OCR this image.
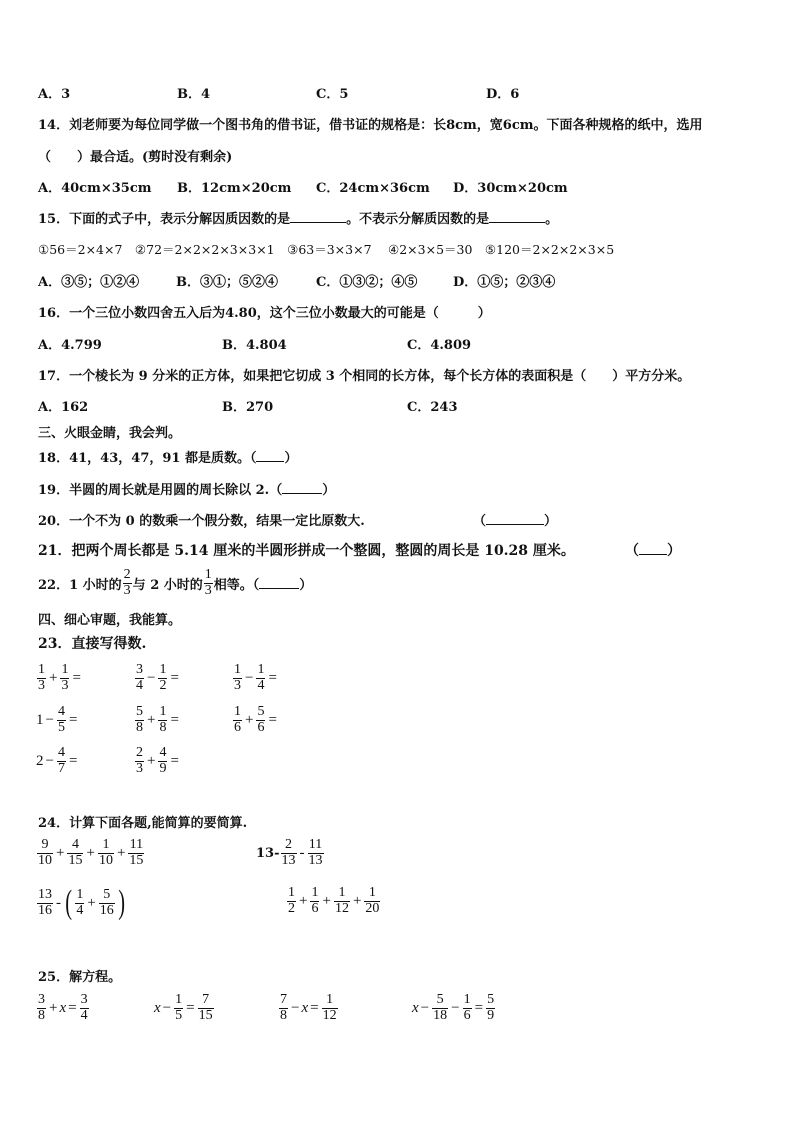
A．3	B．4	C．5	D．6
14．刘老师要为每位同学做一个图书角的借书证，借书证的规格是：长8cm，宽6cm。下面各种规格的纸中，选用
（　　）最合适。(剪时没有剩余)
A．40cm×35cm B．12cm×20cm C．24cm×36cm D．30cm×20cm
15．下面的式子中，表示分解因质因数的是	。不表示分解质因数的是	。
①56＝2×4×7　②72＝2×2×2×3×3×1　③63＝3×3×7　 ④2×3×5＝30　⑤120＝2×2×2×3×5
A．③⑤；①②④	B．③①；⑤②④	C．①③②；④⑤	D．①⑤；②③④
16．一个三位小数四舍五入后为4.80，这个三位小数最大的可能是（　　　）
A．4.799	B．4.804	C．4.809
17．一个棱长为 9 分米的正方体，如果把它切成 3 个相同的长方体，每个长方体的表面积是（　　）平方分米。
A．162	B．270	C．243
三、火眼金睛，我会判。
18．41，43，47，91 都是质数。（ ）
19．半圆的周长就是用圆的周长除以 2.（	）
20．一个不为 0 的数乘一个假分数，结果一定比原数大.	（	）
21．把两个周长都是 5.14 厘米的半圆形拼成一个整圆，整圆的周长是 10.28 厘米。	（ ）
22．1 小时的 $\frac{2}{3}$ 与 2 小时的 $\frac{1}{3}$ 相等。（	）
四、细心审题，我能算。
23．直接写得数.
$\frac{1}{3} + \frac{1}{3}$ =	$\frac{3}{4} - \frac{1}{2}$ =	$\frac{1}{3} - \frac{1}{4}$ =
$1 - \frac{4}{5}$ =	$\frac{5}{8} + \frac{1}{8}$ =	$\frac{1}{6} + \frac{5}{6}$ =
$2 - \frac{4}{7}$ =	$\frac{2}{3} + \frac{4}{9}$ =
24．计算下面各题,能简算的要简算.
$\frac{9}{10} + \frac{4}{15} + \frac{1}{10} + \frac{11}{15}$	$13- \frac{2}{13} - \frac{11}{13}$
$\frac{13}{16}$ - ( $\frac{1}{4} + \frac{5}{16}$ )	$\frac{1}{2} + \frac{1}{6} + \frac{1}{12} + \frac{1}{20}$
25．解方程。
$\frac{3}{8} + x = \frac{3}{4}$	$x - \frac{1}{5} = \frac{7}{15}$	$\frac{7}{8} - x = \frac{1}{12}$	$x - \frac{5}{18} - \frac{1}{6} = \frac{5}{9}$
